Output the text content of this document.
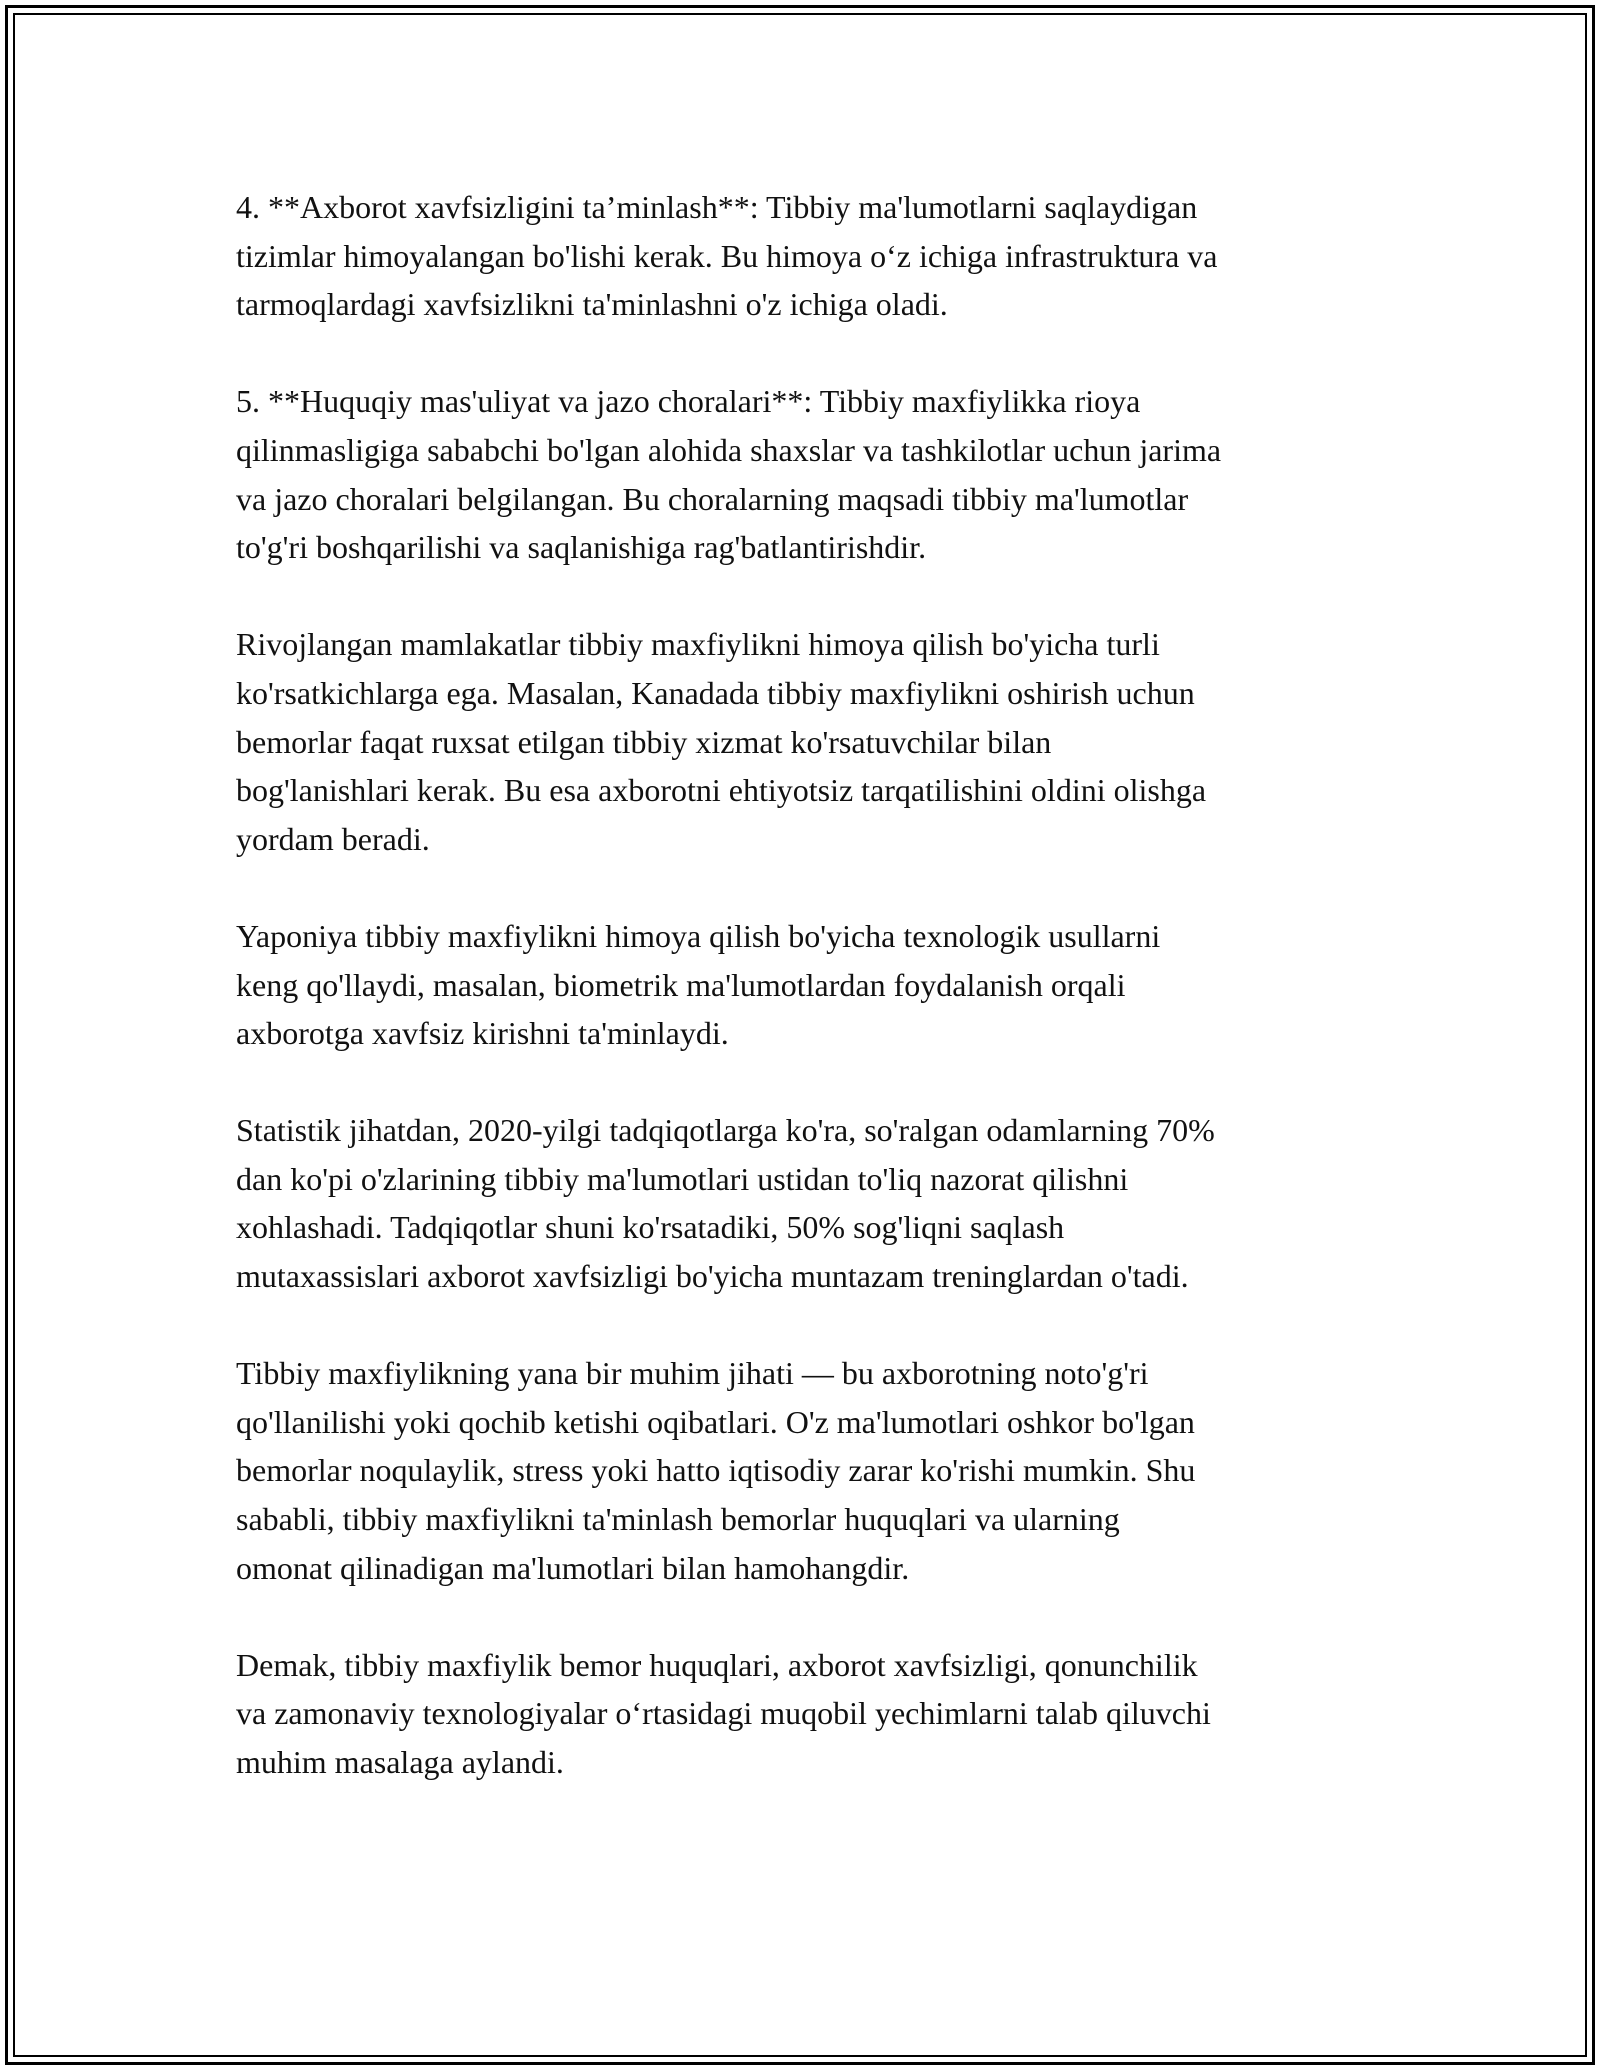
4. **Axborot xavfsizligini ta’minlash**: Tibbiy ma'lumotlarni saqlaydigan
tizimlar himoyalangan bo'lishi kerak. Bu himoya o‘z ichiga infrastruktura va
tarmoqlardagi xavfsizlikni ta'minlashni o'z ichiga oladi.

5. **Huquqiy mas'uliyat va jazo choralari**: Tibbiy maxfiylikka rioya
qilinmasligiga sababchi bo'lgan alohida shaxslar va tashkilotlar uchun jarima
va jazo choralari belgilangan. Bu choralarning maqsadi tibbiy ma'lumotlar
to'g'ri boshqarilishi va saqlanishiga rag'batlantirishdir.

Rivojlangan mamlakatlar tibbiy maxfiylikni himoya qilish bo'yicha turli
ko'rsatkichlarga ega. Masalan, Kanadada tibbiy maxfiylikni oshirish uchun
bemorlar faqat ruxsat etilgan tibbiy xizmat ko'rsatuvchilar bilan
bog'lanishlari kerak. Bu esa axborotni ehtiyotsiz tarqatilishini oldini olishga
yordam beradi.

Yaponiya tibbiy maxfiylikni himoya qilish bo'yicha texnologik usullarni
keng qo'llaydi, masalan, biometrik ma'lumotlardan foydalanish orqali
axborotga xavfsiz kirishni ta'minlaydi.

Statistik jihatdan, 2020-yilgi tadqiqotlarga ko'ra, so'ralgan odamlarning 70%
dan ko'pi o'zlarining tibbiy ma'lumotlari ustidan to'liq nazorat qilishni
xohlashadi. Tadqiqotlar shuni ko'rsatadiki, 50% sog'liqni saqlash
mutaxassislari axborot xavfsizligi bo'yicha muntazam treninglardan o'tadi.

Tibbiy maxfiylikning yana bir muhim jihati — bu axborotning noto'g'ri
qo'llanilishi yoki qochib ketishi oqibatlari. O'z ma'lumotlari oshkor bo'lgan
bemorlar noqulaylik, stress yoki hatto iqtisodiy zarar ko'rishi mumkin. Shu
sababli, tibbiy maxfiylikni ta'minlash bemorlar huquqlari va ularning
omonat qilinadigan ma'lumotlari bilan hamohangdir.

Demak, tibbiy maxfiylik bemor huquqlari, axborot xavfsizligi, qonunchilik
va zamonaviy texnologiyalar o‘rtasidagi muqobil yechimlarni talab qiluvchi
muhim masalaga aylandi.
